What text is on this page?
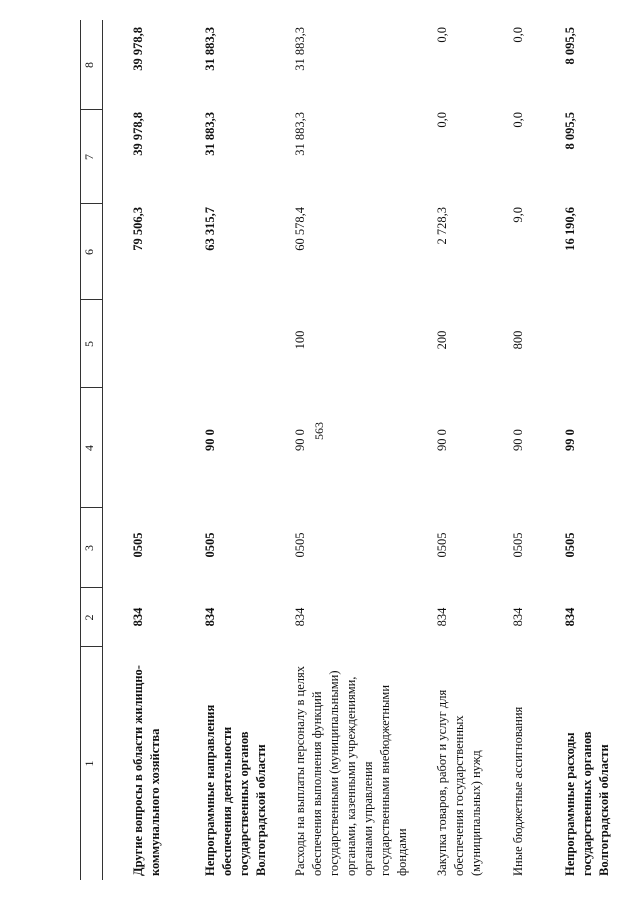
563
1
2
3
4
5
6
7
8
Другие вопросы в области жилищно-коммунального хозяйства
834
0505
79 506,3
39 978,8
39 978,8
Непрограммные направления обеспечения деятельности государственных органов Волгоградской области
834
0505
90 0
63 315,7
31 883,3
31 883,3
Расходы на выплаты персоналу в целях обеспечения выполнения функций государственными (муниципальными) органами, казенными учреждениями, органами управления государственными внебюджетными фондами
834
0505
90 0
100
60 578,4
31 883,3
31 883,3
Закупка товаров, работ и услуг для обеспечения государственных (муниципальных) нужд
834
0505
90 0
200
2 728,3
0,0
0,0
Иные бюджетные ассигнования
834
0505
90 0
800
9,0
0,0
0,0
Непрограммные расходы государственных органов Волгоградской области
834
0505
99 0
16 190,6
8 095,5
8 095,5
